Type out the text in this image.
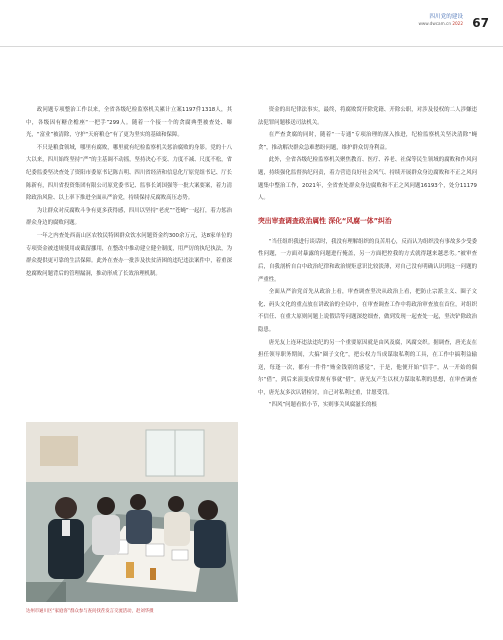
四川党的建设
www.dwcam.cn 2022 67

政问题专项整治工作以来，全省各级纪检监察机关累计立案1197件1318人，其中，各级因有糖企檐座“一把手”299人。随着一个接一个的贪腐典型被查处、曝光，“富业”被清除，守护“天府粮仓”有了更为坚实的基础和保障。

不只是粮食领域，哪里有腐败，哪里就有纪检监察机关惩治腐败的身影。党的十八大以来，四川始终坚持“严”的主基调不动摇，坚持决心不变、力度不减、尺度不松，省纪委监委坚决查处了资阳市委原书记陈吉明、四川省经济和信息化厅原党组书记、厅长陈新有，四川省投资集团有限公司原党委书记、监事长刘国强等一批大案要案，着力清除政治风险、以上率下推进全面从严治党，持续保持反腐败高压态势。

为让群众对反腐败斗争有更多获得感，四川以坚持“老虎”“苍蝇”一起打，着力惩治群众身边的腐败问题。

一年之内查处西南山区农牧民特困群众饮水问题资金约300余万元，达8家单位的专项资金被违规使用或截留挪用，在整改中推动建立健全制度，用严厉的执纪执法，为群众提供更可靠的生活保障。此外在查办一批涉及扶贫济困的违纪违法案件中，着重深挖腐败问题背后的管理漏洞，推动形成了长效治理机制。

达州市通川区“家庭客”群众参与查问找茬发言交流活动，赵刘华摄

资金的出纪律法事实，最终，将腐败窝开除党籍、开除公职，对涉及侵权的二人涉嫌违法犯罪问题移送司法机关。

在严查贪腐的同时，随着“一专通”专项治理的深入推进，纪检监察机关坚决清除“蝇贪”，推动解决群众急难愁盼问题，维护群众切身利益。

此外，全省各级纪检监察机关聚焦教育、医疗、养老、社保等民生领域的腐败和作风问题，持续强化监督执纪问责，着力营造良好社会风气、持续开展群众身边腐败和不正之风问题集中整治工作，2021年，全省查处群众身边腐败和不正之风问题16193个，处分11179人。

突出审查调查政治属性 深化“风腐一体”纠治

“当任组织我进行谈话时，我没有理解组织的良苦用心，反而认为组织没有事故多少受委性问题，一方面对暴露的问题进行掩盖，另一方面把控我的方式就得越来越恶劣。”被审查后，自我剖析自白中政治纪律和政治规矩意识比较淡薄，对自己没有明确认识到这一问题的严重性。

全面从严治党首先从政治上看，审查调查坚决从政治上看，把防止宗派主义、圈子文化、码头文化的重点放在讲政治的全局中，在审查调查工作中将政治审查放在首位，对组织不信任、在重大原则问题上说假话等问题深挖细查，做到发现一起查处一起，坚决铲除政治隐患。

唐光友上连环违法违纪的另一个重要原因就是由风及腐，风腐交织。据调查，唐光友在担任领导职务期间，大搞“圈子文化”，把公权力当成谋取私利的工具，在工作中搞利益输送，每逢一次，都有一件件“贿金钱别的感觉”，于是，他便开始“信手”，从一开始的偶尔“借”，到后来演变成常规有事就“借”，唐光友产生以权力谋取私利的思想，在审查调查中，唐光友多次认错检讨，自己对私利过重，甘愿受罚。

“四风”问题看似小节，实则事关风腐滋长的根
